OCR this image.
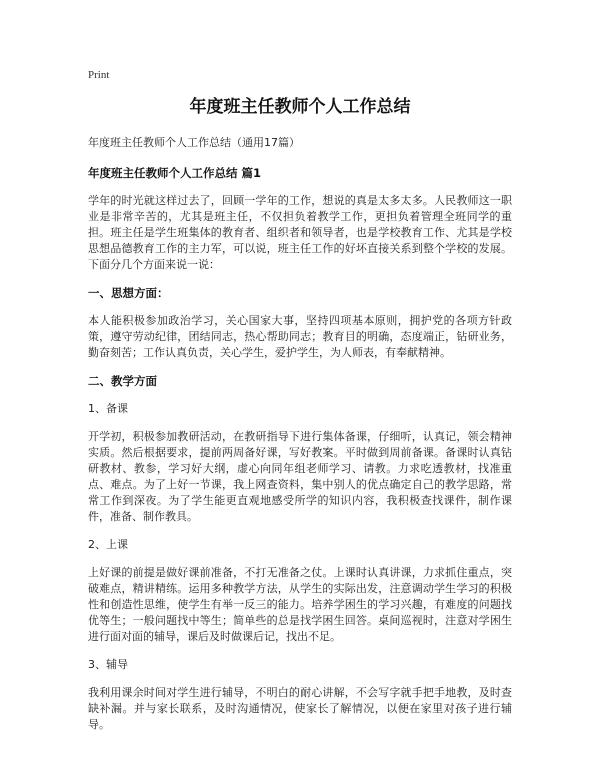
Print
年度班主任教师个人工作总结
年度班主任教师个人工作总结（通用17篇）
年度班主任教师个人工作总结 篇1
学年的时光就这样过去了，回顾一学年的工作，想说的真是太多太多。人民教师这一职业是非常辛苦的，尤其是班主任，不仅担负着教学工作，更担负着管理全班同学的重担。班主任是学生班集体的教育者、组织者和领导者，也是学校教育工作、尤其是学校思想品德教育工作的主力军，可以说，班主任工作的好坏直接关系到整个学校的发展。下面分几个方面来说一说：
一、思想方面：
本人能积极参加政治学习，关心国家大事，坚持四项基本原则，拥护党的各项方针政策，遵守劳动纪律，团结同志，热心帮助同志；教育目的明确，态度端正，钻研业务，勤奋刻苦；工作认真负责，关心学生，爱护学生，为人师表，有奉献精神。
二、教学方面
1、备课
开学初，积极参加教研活动，在教研指导下进行集体备课，仔细听，认真记，领会精神实质。然后根据要求，提前两周备好课，写好教案。平时做到周前备课。备课时认真钻研教材、教参，学习好大纲，虚心向同年组老师学习、请教。力求吃透教材，找准重点、难点。为了上好一节课，我上网查资料，集中别人的优点确定自己的教学思路，常常工作到深夜。为了学生能更直观地感受所学的知识内容，我积极查找课件，制作课件，准备、制作教具。
2、上课
上好课的前提是做好课前准备，不打无准备之仗。上课时认真讲课，力求抓住重点，突破难点，精讲精练。运用多种教学方法，从学生的实际出发，注意调动学生学习的积极性和创造性思维，使学生有举一反三的能力。培养学困生的学习兴趣，有难度的问题找优等生；一般问题找中等生；简单些的总是找学困生回答。桌间巡视时，注意对学困生进行面对面的辅导，课后及时做课后记，找出不足。
3、辅导
我利用课余时间对学生进行辅导，不明白的耐心讲解，不会写字就手把手地教，及时查缺补漏。并与家长联系，及时沟通情况，使家长了解情况，以便在家里对孩子进行辅导。
